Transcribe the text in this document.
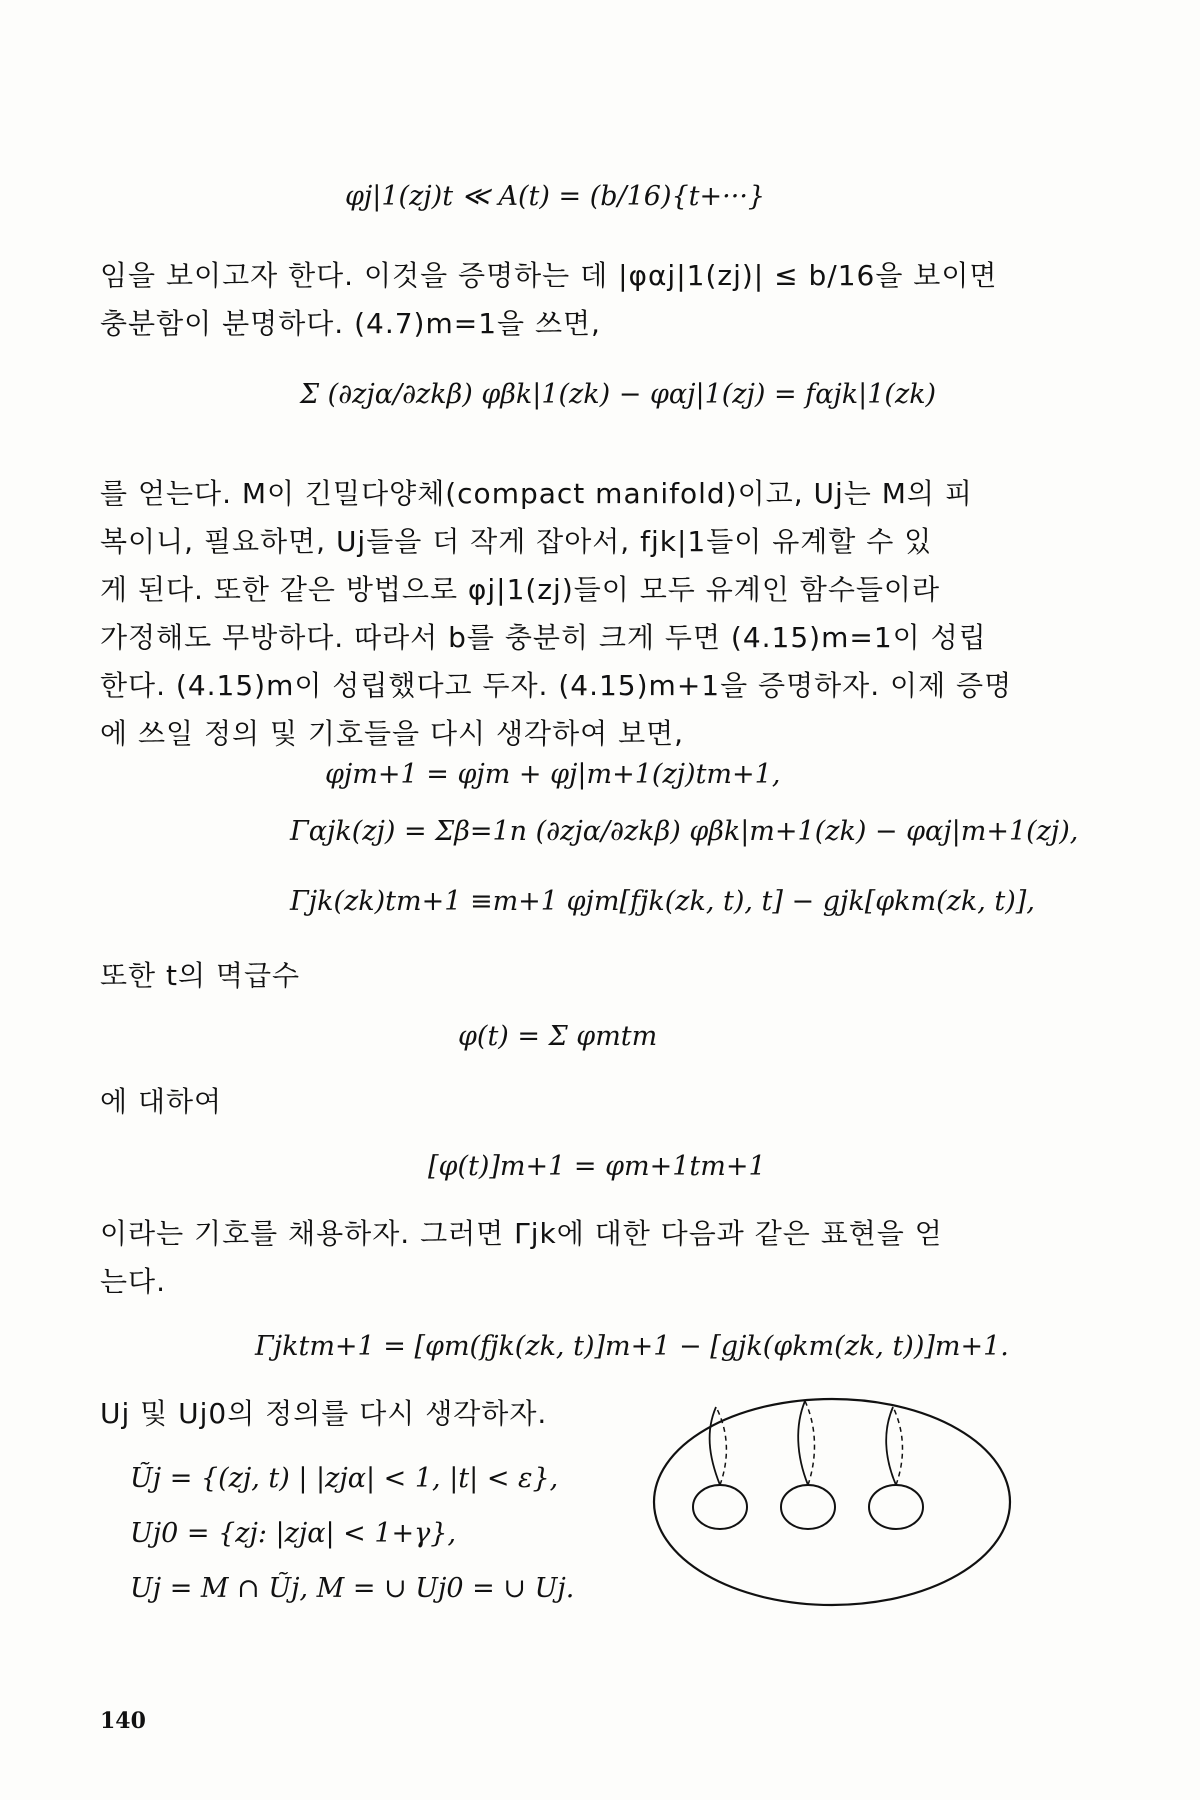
φj|1(zj)t ≪ A(t) = (b/16){t+···}

임을 보이고자 한다. 이것을 증명하는 데 |φαj|1(zj)| ≤ b/16을 보이면

충분함이 분명하다. (4.7)m=1을 쓰면,

Σ (∂zjα/∂zkβ) φβk|1(zk) − φαj|1(zj) = fαjk|1(zk)

를 얻는다. M이 긴밀다양체(compact manifold)이고, Uj는 M의 피

복이니, 필요하면, Uj들을 더 작게 잡아서, fjk|1들이 유계할 수 있

게 된다. 또한 같은 방법으로 φj|1(zj)들이 모두 유계인 함수들이라

가정해도 무방하다. 따라서 b를 충분히 크게 두면 (4.15)m=1이 성립

한다. (4.15)m이 성립했다고 두자. (4.15)m+1을 증명하자. 이제 증명

에 쓰일 정의 및 기호들을 다시 생각하여 보면,

φjm+1 = φjm + φj|m+1(zj)tm+1,
Γαjk(zj) = Σβ=1n (∂zjα/∂zkβ) φβk|m+1(zk) − φαj|m+1(zj),
Γjk(zk)tm+1 ≡m+1 φjm[fjk(zk, t), t] − gjk[φkm(zk, t)],

또한 t의 멱급수

φ(t) = Σ φmtm

에 대하여

[φ(t)]m+1 = φm+1tm+1

이라는 기호를 채용하자. 그러면 Γjk에 대한 다음과 같은 표현을 얻

는다.

Γjktm+1 = [φm(fjk(zk, t)]m+1 − [gjk(φkm(zk, t))]m+1.

Uj 및 Uj0의 정의를 다시 생각하자.

Ũj = {(zj, t) | |zjα| < 1, |t| < ε},
Uj0 = {zj: |zjα| < 1+γ},
Uj = M ∩ Ũj, M = ∪ Uj0 = ∪ Uj.
140
